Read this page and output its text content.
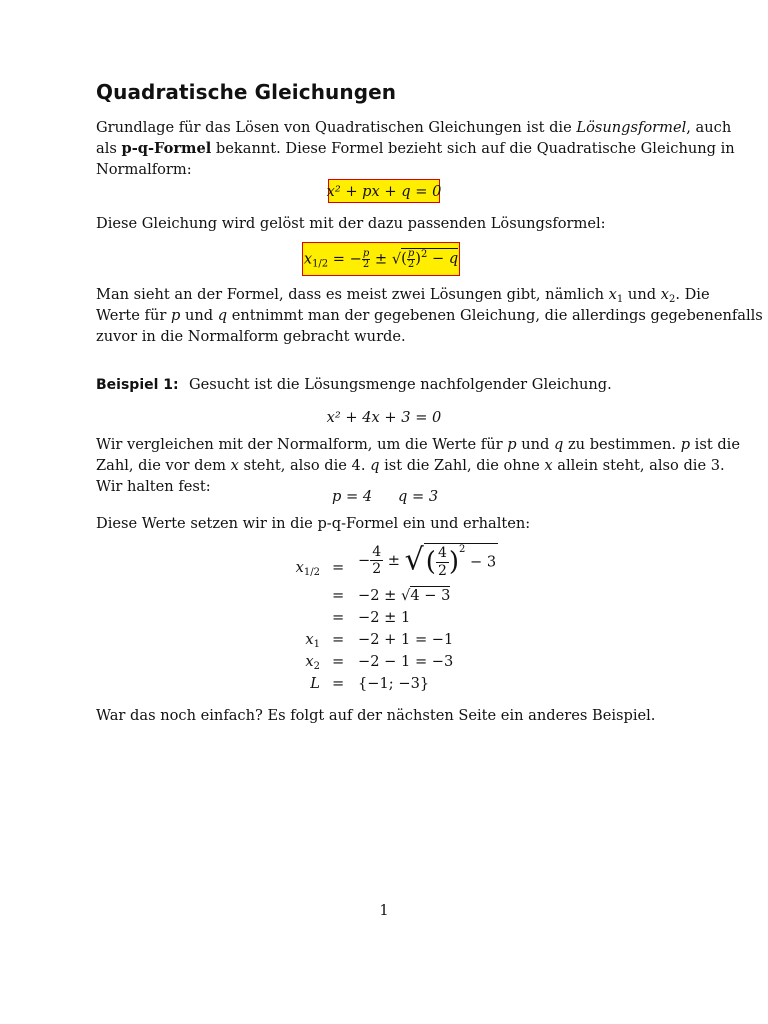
Quadratische Gleichungen
Grundlage für das Lösen von Quadratischen Gleichungen ist die Lösungsformel, auch
als p-q-Formel bekannt. Diese Formel bezieht sich auf die Quadratische Gleichung in
Normalform:
x² + px + q = 0
Diese Gleichung wird gelöst mit der dazu passenden Lösungsformel:
$x_{1/2}$ = − $\frac{p}{2}$ ± √( $\frac{p}{2} )^2 - q$
Man sieht an der Formel, dass es meist zwei Lösungen gibt, nämlich $x_1$ und $x_2$. Die
Werte für p und q entnimmt man der gegebenen Gleichung, die allerdings gegebenenfalls
zuvor in die Normalform gebracht wurde.
Beispiel 1: Gesucht ist die Lösungsmenge nachfolgender Gleichung.
x² + 4x + 3 = 0
Wir vergleichen mit der Normalform, um die Werte für p und q zu bestimmen. p ist die
Zahl, die vor dem x steht, also die 4. q ist die Zahl, die ohne x allein steht, also die 3.
Wir halten fest:
p = 4 q = 3
Diese Werte setzen wir in die p-q-Formel ein und erhalten:
$x_{1/2}$ = − $\frac{4}{2}$ ± √( $\frac{4}{2} )^2 - 3$
= −2 ± √4 − 3
= −2 ± 1
$x_1 = -2 + 1 = -1$
$x_2 = -2 - 1 = -3$
L = {−1; −3}
War das noch einfach? Es folgt auf der nächsten Seite ein anderes Beispiel.
1
